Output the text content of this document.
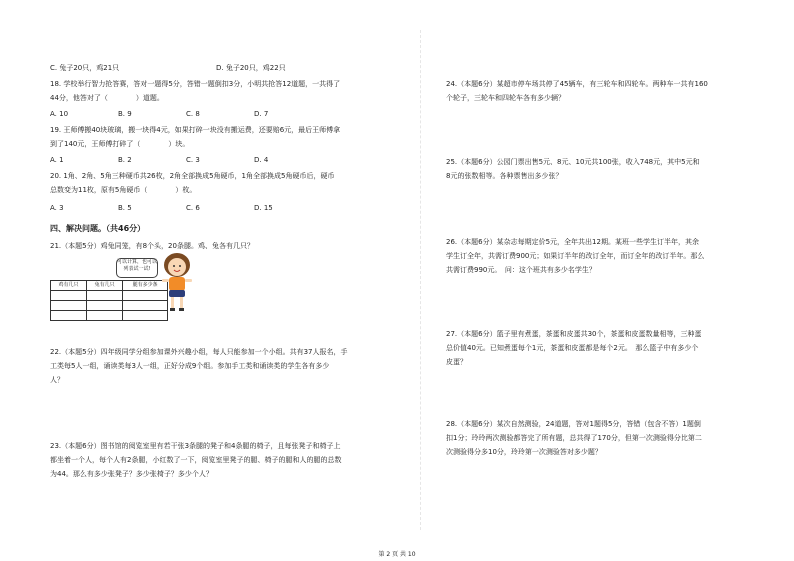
C. 兔子20只，鸡21只	D. 兔子20只，鸡22只
18. 学校举行智力抢答赛，答对一题得5分，答错一题倒扣3分，小明共抢答12道题，一共得了
44分，他答对了（　　　　）道题。
A. 10	B. 9	C. 8	D. 7
19. 王师傅搬40块玻璃，搬一块得4元，如果打碎一块没有搬运费，还要赔6元，最后王师傅拿
到了140元，王师傅打碎了（　　　　）块。
A. 1	B. 2	C. 3	D. 4
20. 1角、2角、5角三种硬币共26枚，2角全部换成5角硬币，1角全部换成5角硬币后，硬币
总数变为11枚，原有5角硬币（　　　　）枚。
A. 3	B. 5	C. 6	D. 15
四、解决问题。（共46分）
21.（本题5分）鸡兔同笼，有8个头，20条腿。鸡、兔各有几只？
可以计算，也可以
列表试一试!
鸡有几只	兔有几只	腿有多少条

22.（本题5分）四年级同学分组参加课外兴趣小组，每人只能参加一个小组。共有37人报名，手
工类每5人一组，诵读类每3人一组，正好分成9个组。参加手工类和诵读类的学生各有多少
人？
23.（本题6分）图书馆的阅览室里有若干张3条腿的凳子和4条腿的椅子，且每张凳子和椅子上
都坐着一个人，每个人有2条腿，小红数了一下，阅览室里凳子的腿、椅子的腿和人的腿的总数
为44。那么有多少张凳子？多少张椅子？多少个人？
24.（本题6分）某超市停车场共停了45辆车，有三轮车和四轮车。两种车一共有160
个轮子，三轮车和四轮车各有多少辆？
25.（本题6分）公园门票出售5元、8元、10元共100张，收入748元，其中5元和
8元的张数相等。各种票售出多少张？
26.（本题6分）某杂志每期定价5元，全年共出12期。某班一些学生订半年，其余
学生订全年，共需订费900元；如果订半年的改订全年，而订全年的改订半年。那么
共需订费990元。　问：这个班共有多少名学生？
27.（本题6分）篮子里有煮蛋，茶蛋和皮蛋共30个，茶蛋和皮蛋数量相等，三种蛋
总价值40元。已知煮蛋每个1元，茶蛋和皮蛋都是每个2元。　那么篮子中有多少个
皮蛋？
28.（本题6分）某次自然测验，24道题，答对1题得5分，答错（包含不答）1题倒
扣1分；玲玲两次测验都答完了所有题，总共得了170分，但第一次测验得分比第二
次测验得分多10分，玲玲第一次测验答对多少题？
第 2 页 共 10
